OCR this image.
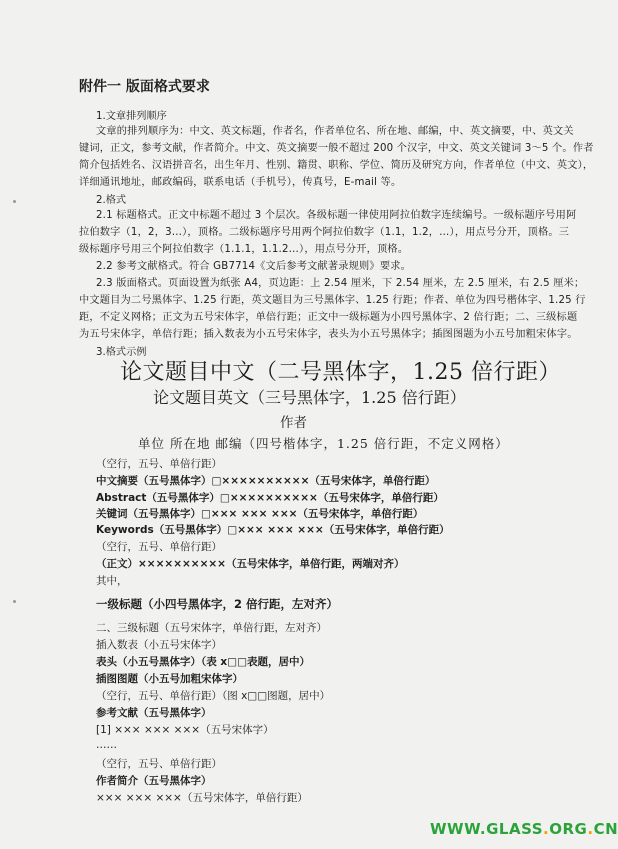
附件一 版面格式要求
1.文章排列顺序
文章的排列顺序为：中文、英文标题，作者名，作者单位名、所在地、邮编，中、英文摘要，中、英文关
键词，正文，参考文献，作者简介。中文、英文摘要一般不超过 200 个汉字，中文、英文关键词 3～5 个。作者
简介包括姓名、汉语拼音名，出生年月、性别、籍贯、职称、学位、简历及研究方向，作者单位（中文、英文），
详细通讯地址，邮政编码，联系电话（手机号），传真号，E-mail 等。
2.格式
2.1 标题格式。正文中标题不超过 3 个层次。各级标题一律使用阿拉伯数字连续编号。一级标题序号用阿
拉伯数字（1，2，3…），顶格。二级标题序号用两个阿拉伯数字（1.1，1.2，…），用点号分开，顶格。三
级标题序号用三个阿拉伯数字（1.1.1，1.1.2…），用点号分开，顶格。
2.2 参考文献格式。符合 GB7714《文后参考文献著录规则》要求。
2.3 版面格式。页面设置为纸张 A4，页边距：上 2.54 厘米，下 2.54 厘米，左 2.5 厘米，右 2.5 厘米；
中文题目为二号黑体字、1.25 行距，英文题目为三号黑体字、1.25 行距；作者、单位为四号楷体字、1.25 行
距，不定义网格；正文为五号宋体字，单倍行距；正文中一级标题为小四号黑体字、2 倍行距；二、三级标题
为五号宋体字，单倍行距；插入数表为小五号宋体字，表头为小五号黑体字；插图图题为小五号加粗宋体字。
3.格式示例
论文题目中文（二号黑体字，1.25 倍行距）
论文题目英文（三号黑体字，1.25 倍行距）
作者
单位 所在地 邮编（四号楷体字，1.25 倍行距，不定义网格）
（空行，五号、单倍行距）
中文摘要（五号黑体字）□××××××××××（五号宋体字，单倍行距）
Abstract（五号黑体字）□××××××××××（五号宋体字，单倍行距）
关键词（五号黑体字）□××× ××× ×××（五号宋体字，单倍行距）
Keywords（五号黑体字）□××× ××× ×××（五号宋体字，单倍行距）
（空行，五号、单倍行距）
（正文）××××××××××（五号宋体字，单倍行距，两端对齐）
其中，
一级标题（小四号黑体字，2 倍行距，左对齐）
二、三级标题（五号宋体字，单倍行距，左对齐）
插入数表（小五号宋体字）
表头（小五号黑体字）（表 x□□表题，居中）
插图图题（小五号加粗宋体字）
（空行，五号、单倍行距）（图 x□□图题，居中）
参考文献（五号黑体字）
[1] ××× ××× ×××（五号宋体字）
……
（空行，五号、单倍行距）
作者简介（五号黑体字）
××× ××× ×××（五号宋体字，单倍行距）
WWW.GLASS.ORG.CN
